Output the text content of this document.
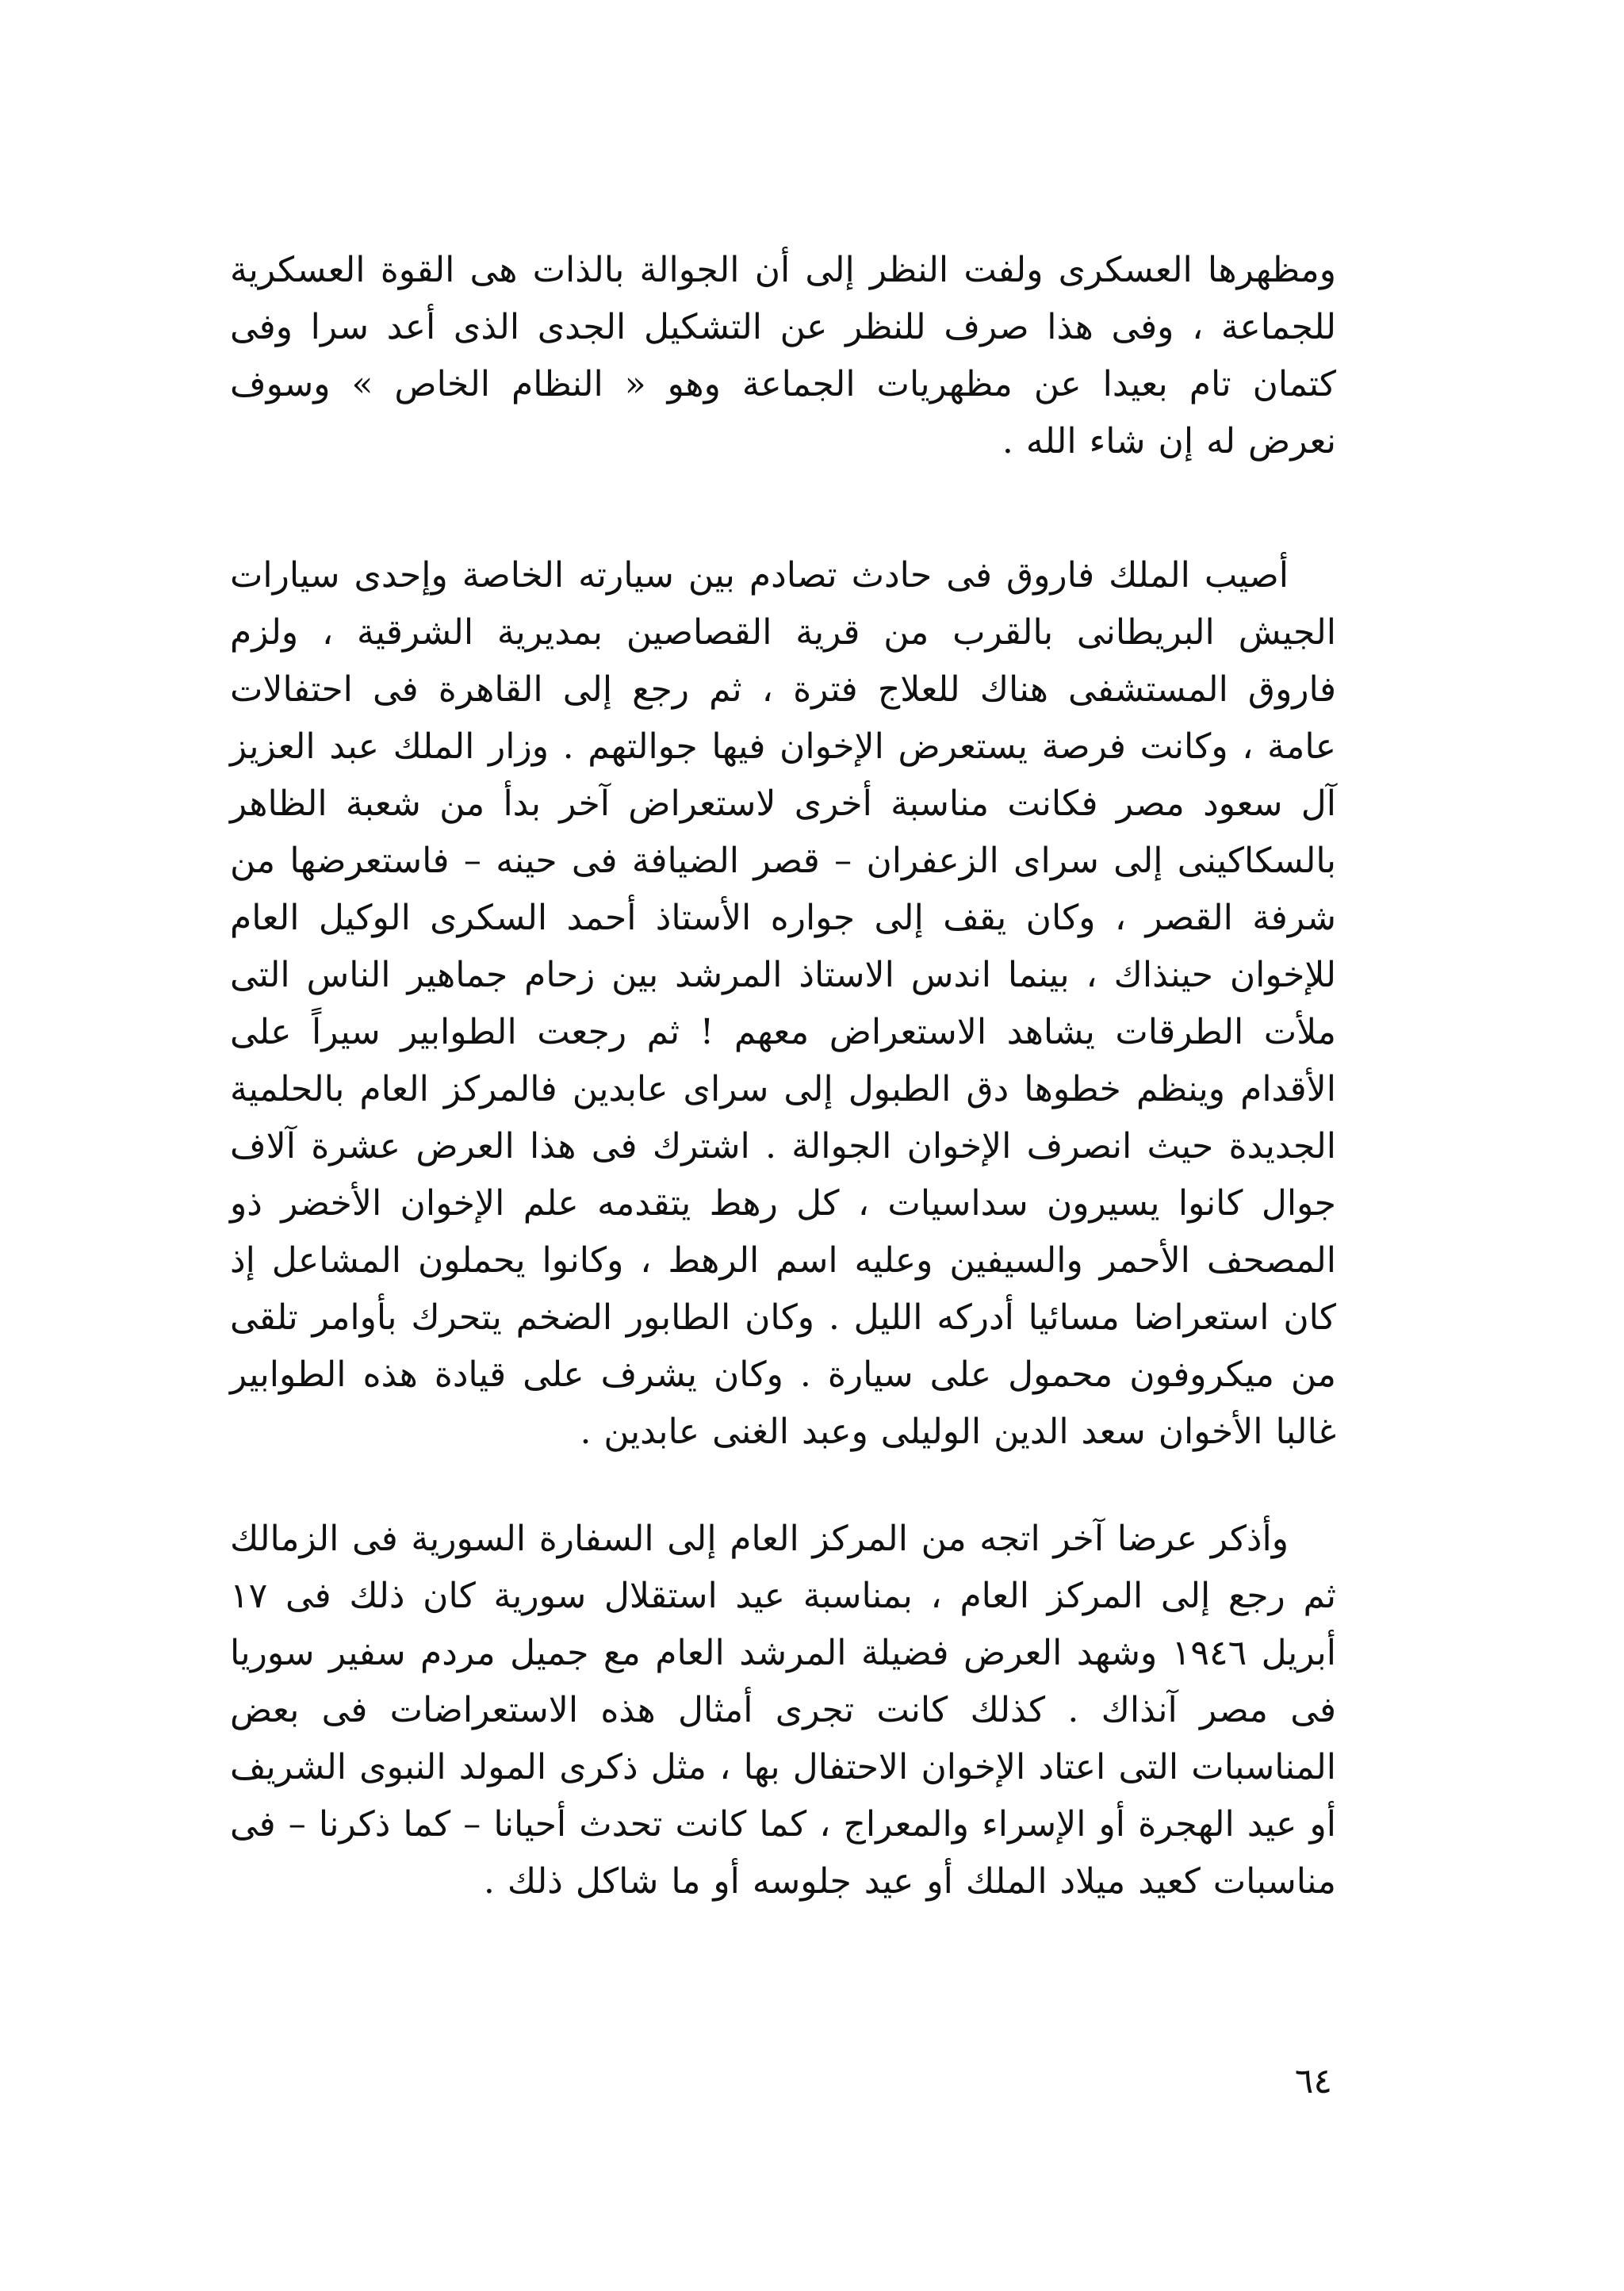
ومظهرها العسكرى ولفت النظر إلى أن الجوالة بالذات هى القوة العسكرية للجماعة ، وفى هذا صرف للنظر عن التشكيل الجدى الذى أعد سرا وفى كتمان تام بعيدا عن مظهريات الجماعة وهو « النظام الخاص » وسوف نعرض له إن شاء الله .

أصيب الملك فاروق فى حادث تصادم بين سيارته الخاصة وإحدى سيارات الجيش البريطانى بالقرب من قرية القصاصين بمديرية الشرقية ، ولزم فاروق المستشفى هناك للعلاج فترة ، ثم رجع إلى القاهرة فى احتفالات عامة ، وكانت فرصة يستعرض الإخوان فيها جوالتهم . وزار الملك عبد العزيز آل سعود مصر فكانت مناسبة أخرى لاستعراض آخر بدأ من شعبة الظاهر بالسكاكينى إلى سراى الزعفران – قصر الضيافة فى حينه – فاستعرضها من شرفة القصر ، وكان يقف إلى جواره الأستاذ أحمد السكرى الوكيل العام للإخوان حينذاك ، بينما اندس الاستاذ المرشد بين زحام جماهير الناس التى ملأت الطرقات يشاهد الاستعراض معهم ! ثم رجعت الطوابير سيراً على الأقدام وينظم خطوها دق الطبول إلى سراى عابدين فالمركز العام بالحلمية الجديدة حيث انصرف الإخوان الجوالة . اشترك فى هذا العرض عشرة آلاف جوال كانوا يسيرون سداسيات ، كل رهط يتقدمه علم الإخوان الأخضر ذو المصحف الأحمر والسيفين وعليه اسم الرهط ، وكانوا يحملون المشاعل إذ كان استعراضا مسائيا أدركه الليل . وكان الطابور الضخم يتحرك بأوامر تلقى من ميكروفون محمول على سيارة . وكان يشرف على قيادة هذه الطوابير غالبا الأخوان سعد الدين الوليلى وعبد الغنى عابدين .

وأذكر عرضا آخر اتجه من المركز العام إلى السفارة السورية فى الزمالك ثم رجع إلى المركز العام ، بمناسبة عيد استقلال سورية كان ذلك فى ١٧ أبريل ١٩٤٦ وشهد العرض فضيلة المرشد العام مع جميل مردم سفير سوريا فى مصر آنذاك . كذلك كانت تجرى أمثال هذه الاستعراضات فى بعض المناسبات التى اعتاد الإخوان الاحتفال بها ، مثل ذكرى المولد النبوى الشريف أو عيد الهجرة أو الإسراء والمعراج ، كما كانت تحدث أحيانا – كما ذكرنا – فى مناسبات كعيد ميلاد الملك أو عيد جلوسه أو ما شاكل ذلك .

٦٤
